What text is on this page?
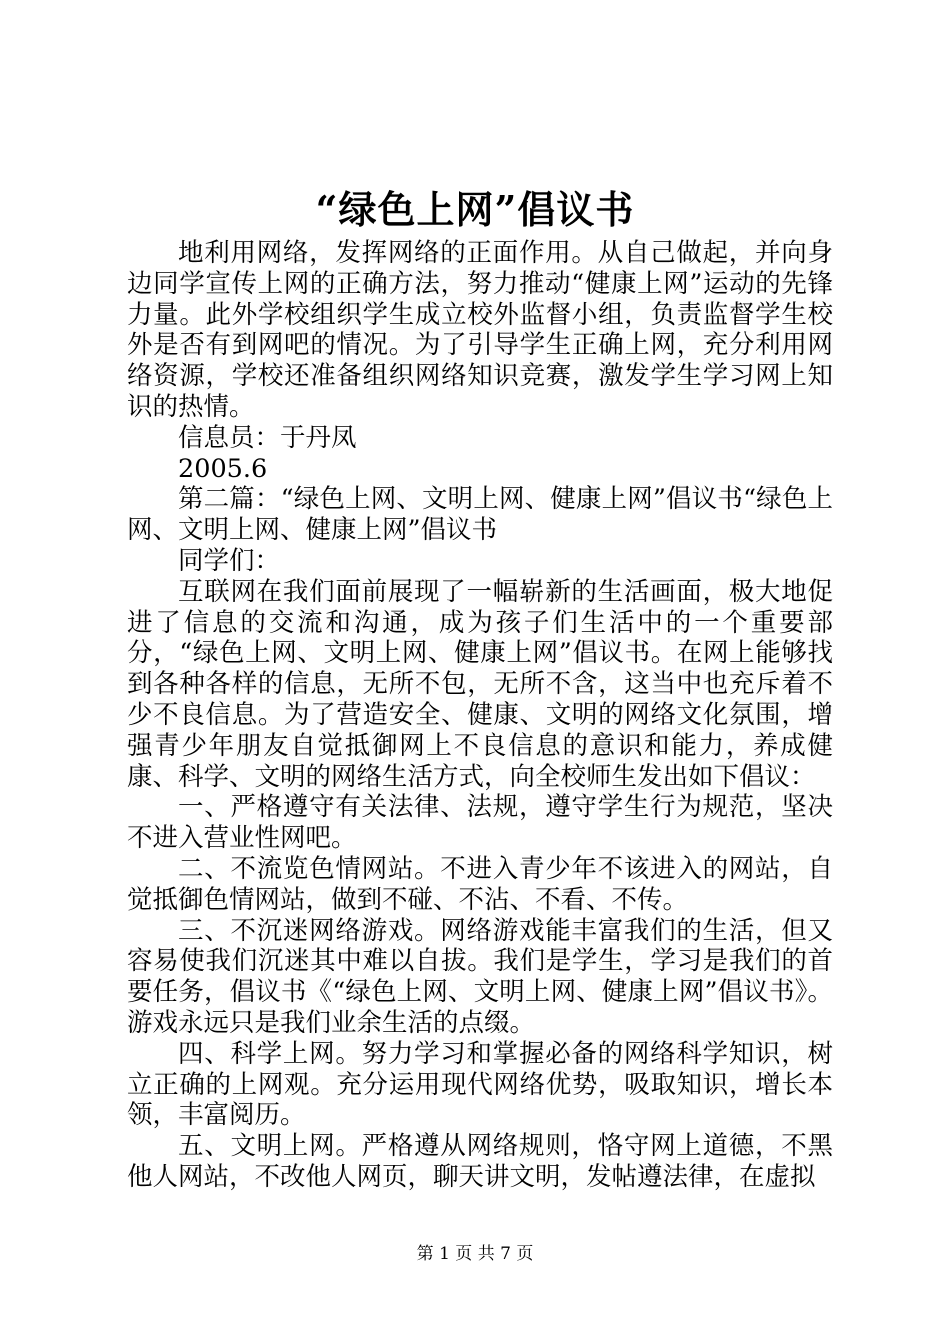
“绿色上网”倡议书

地利用网络，发挥网络的正面作用。从自己做起，并向身边同学宣传上网的正确方法，努力推动“健康上网”运动的先锋力量。此外学校组织学生成立校外监督小组，负责监督学生校外是否有到网吧的情况。为了引导学生正确上网，充分利用网络资源，学校还准备组织网络知识竞赛，激发学生学习网上知识的热情。

信息员：于丹凤

2005.6

第二篇：“绿色上网、文明上网、健康上网”倡议书“绿色上网、文明上网、健康上网”倡议书

同学们：

互联网在我们面前展现了一幅崭新的生活画面，极大地促进了信息的交流和沟通，成为孩子们生活中的一个重要部分，“绿色上网、文明上网、健康上网”倡议书。在网上能够找到各种各样的信息，无所不包，无所不含，这当中也充斥着不少不良信息。为了营造安全、健康、文明的网络文化氛围，增强青少年朋友自觉抵御网上不良信息的意识和能力，养成健康、科学、文明的网络生活方式，向全校师生发出如下倡议：

一、严格遵守有关法律、法规，遵守学生行为规范，坚决不进入营业性网吧。

二、不流览色情网站。不进入青少年不该进入的网站，自觉抵御色情网站，做到不碰、不沾、不看、不传。

三、不沉迷网络游戏。网络游戏能丰富我们的生活，但又容易使我们沉迷其中难以自拔。我们是学生，学习是我们的首要任务，倡议书《“绿色上网、文明上网、健康上网”倡议书》。游戏永远只是我们业余生活的点缀。

四、科学上网。努力学习和掌握必备的网络科学知识，树立正确的上网观。充分运用现代网络优势，吸取知识，增长本领，丰富阅历。

五、文明上网。严格遵从网络规则，恪守网上道德，不黑他人网站，不改他人网页，聊天讲文明，发帖遵法律，在虚拟

第 1 页 共 7 页
